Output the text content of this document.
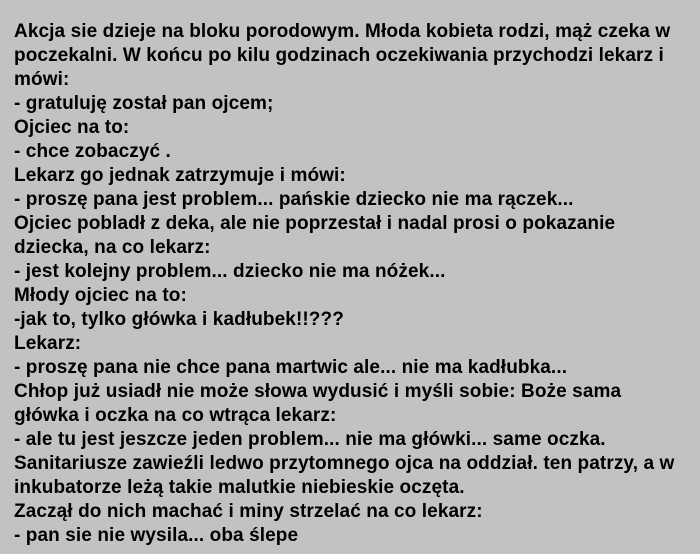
Akcja sie dzieje na bloku porodowym. Młoda kobieta rodzi, mąż czeka w
poczekalni. W końcu po kilu godzinach oczekiwania przychodzi lekarz i
mówi:
- gratuluję został pan ojcem;
Ojciec na to:
- chce zobaczyć .
Lekarz go jednak zatrzymuje i mówi:
- proszę pana jest problem... pańskie dziecko nie ma rączek...
Ojciec pobladł z deka, ale nie poprzestał i nadal prosi o pokazanie
dziecka, na co lekarz:
- jest kolejny problem... dziecko nie ma nóżek...
Młody ojciec na to:
-jak to, tylko główka i kadłubek!!???
Lekarz:
- proszę pana nie chce pana martwic ale... nie ma kadłubka...
Chłop już usiadł nie może słowa wydusić i myśli sobie: Boże sama
główka i oczka na co wtrąca lekarz:
- ale tu jest jeszcze jeden problem... nie ma główki... same oczka.
Sanitariusze zawieźli ledwo przytomnego ojca na oddział. ten patrzy, a w
inkubatorze leżą takie malutkie niebieskie oczęta.
Zaczął do nich machać i miny strzelać na co lekarz:
- pan sie nie wysila... oba ślepe
